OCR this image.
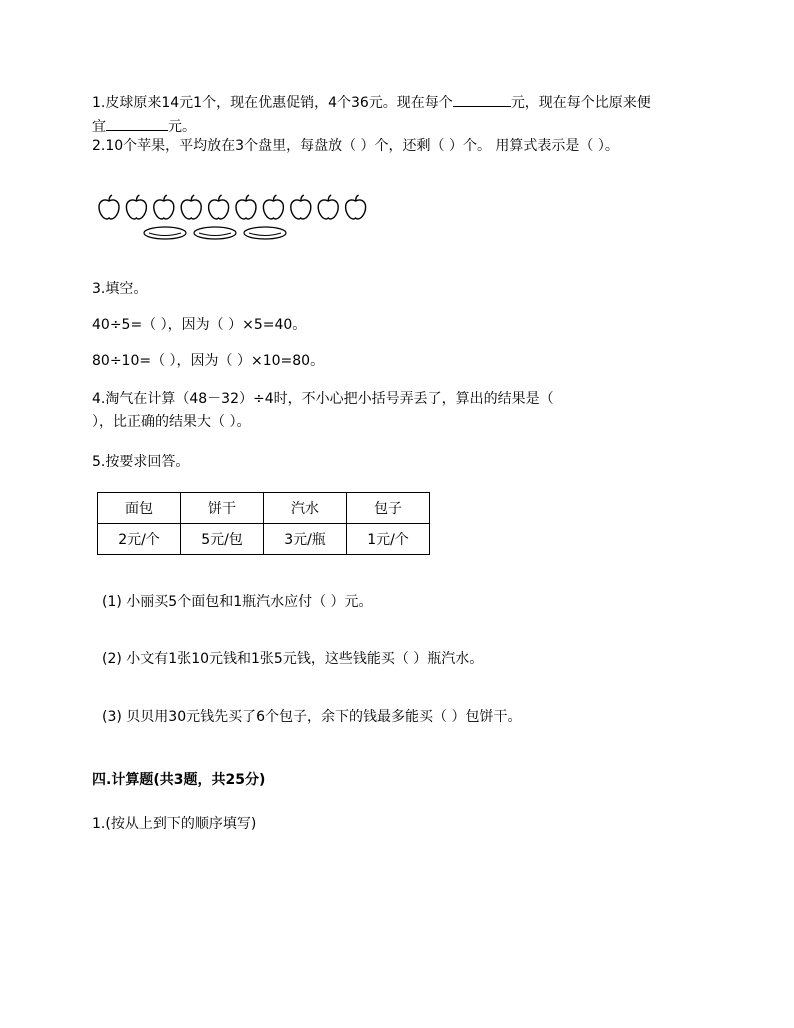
1.皮球原来14元1个，现在优惠促销，4个36元。现在每个	元，现在每个比原来便
宜	元。
2.10个苹果，平均放在3个盘里，每盘放（ ）个，还剩（ ）个。 用算式表示是（ ）。
3.填空。
40÷5=（ ），因为（ ）×5=40。
80÷10=（ ），因为（ ）×10=80。
4.淘气在计算（48－32）÷4时，不小心把小括号弄丢了，算出的结果是（
），比正确的结果大（ ）。
5.按要求回答。
面包	饼干	汽水	包子
2元/个	5元/包	3元/瓶	1元/个
(1) 小丽买5个面包和1瓶汽水应付（ ）元。
(2) 小文有1张10元钱和1张5元钱，这些钱能买（ ）瓶汽水。
(3) 贝贝用30元钱先买了6个包子，余下的钱最多能买（ ）包饼干。
四.计算题(共3题，共25分)
1.(按从上到下的顺序填写)
